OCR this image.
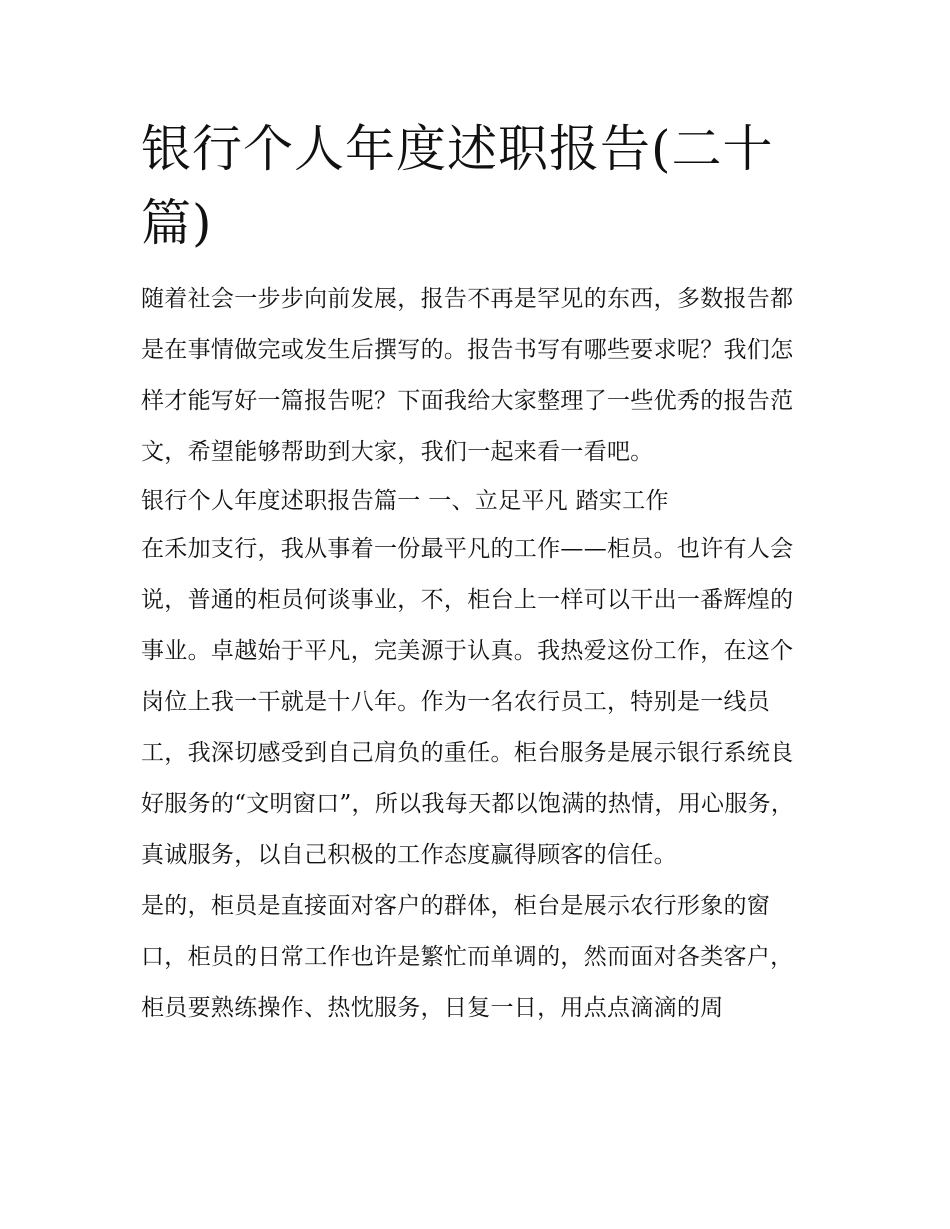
银行个人年度述职报告(二十篇)

随着社会一步步向前发展，报告不再是罕见的东西，多数报告都是在事情做完或发生后撰写的。报告书写有哪些要求呢？我们怎样才能写好一篇报告呢？下面我给大家整理了一些优秀的报告范文，希望能够帮助到大家，我们一起来看一看吧。

银行个人年度述职报告篇一 一、立足平凡 踏实工作

在禾加支行，我从事着一份最平凡的工作——柜员。也许有人会说，普通的柜员何谈事业，不，柜台上一样可以干出一番辉煌的事业。卓越始于平凡，完美源于认真。我热爱这份工作，在这个岗位上我一干就是十八年。作为一名农行员工，特别是一线员工，我深切感受到自己肩负的重任。柜台服务是展示银行系统良好服务的“文明窗口”，所以我每天都以饱满的热情，用心服务，真诚服务，以自己积极的工作态度赢得顾客的信任。

是的，柜员是直接面对客户的群体，柜台是展示农行形象的窗口，柜员的日常工作也许是繁忙而单调的，然而面对各类客户，柜员要熟练操作、热忱服务，日复一日，用点点滴滴的周
